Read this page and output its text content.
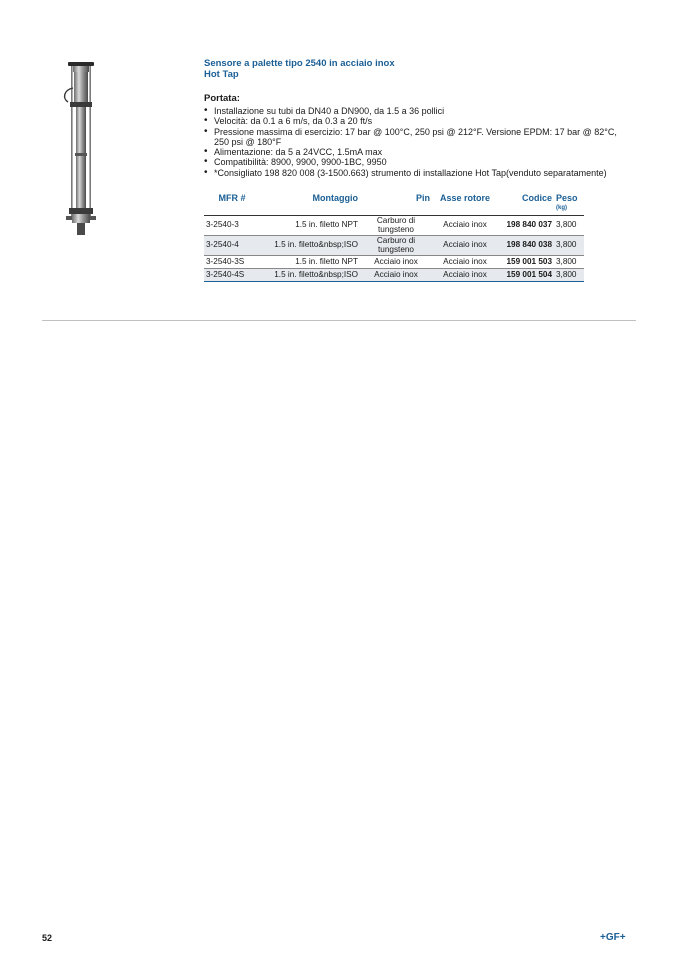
Sensore a palette tipo 2540 in acciaio inox
Hot Tap
Portata:
• Installazione su tubi da DN40 a DN900, da 1.5 a 36 pollici
• Velocità: da 0.1 a 6 m/s, da 0.3 a 20 ft/s
• Pressione massima di esercizio: 17 bar @ 100°C, 250 psi @ 212°F. Versione EPDM: 17 bar @ 82°C, 250 psi @ 180°F
• Alimentazione: da 5 a 24VCC, 1.5mA max
• Compatibilità: 8900, 9900, 9900-1BC, 9950
• *Consigliato 198 820 008 (3-1500.663) strumento di installazione Hot Tap(venduto separatamente)
MFR #	Montaggio	Pin	Asse rotore	Codice	Peso
					(kg)
3-2540-3	1.5 in. filetto NPT	Carburo di tungsteno	Acciaio inox	198 840 037	3,800
3-2540-4	1.5 in. filetto&nbsp;ISO	Carburo di tungsteno	Acciaio inox	198 840 038	3,800
3-2540-3S	1.5 in. filetto NPT	Acciaio inox	Acciaio inox	159 001 503	3,800
3-2540-4S	1.5 in. filetto&nbsp;ISO	Acciaio inox	Acciaio inox	159 001 504	3,800
52	+GF+
